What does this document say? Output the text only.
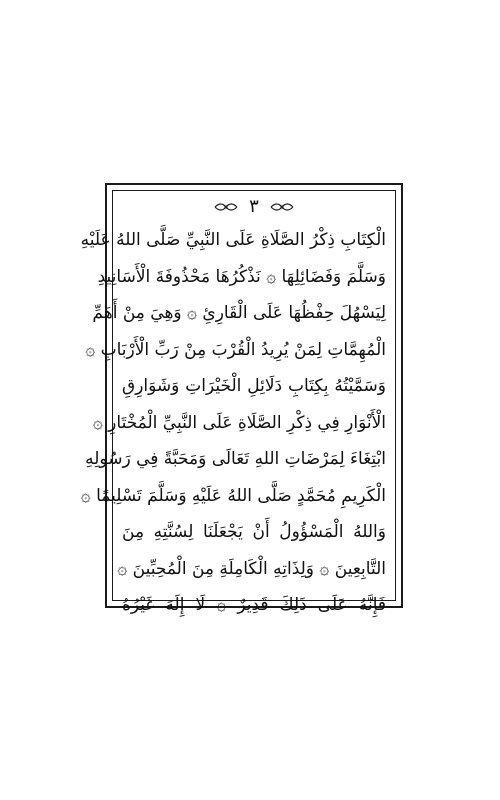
٣
الْكِتَابِ ذِكْرُ الصَّلَاةِ عَلَى النَّبِيِّ صَلَّى اللهُ عَلَيْهِ
وَسَلَّمَ وَفَضَائِلِهَا ۞ نَذْكُرُهَا مَحْذُوفَةَ الْأَسَانِيدِ
لِيَسْهُلَ حِفْظُهَا عَلَى الْقَارِئِ ۞ وَهِيَ مِنْ أَهَمِّ
الْمُهِمَّاتِ لِمَنْ يُرِيدُ الْقُرْبَ مِنْ رَبِّ الْأَرْبَابِ ۞
وَسَمَّيْتُهُ بِكِتَابِ دَلَائِلِ الْخَيْرَاتِ وَشَوَارِقِ
الْأَنْوَارِ فِي ذِكْرِ الصَّلَاةِ عَلَى النَّبِيِّ الْمُخْتَارِ ۞
ابْتِغَاءَ لِمَرْضَاتِ اللهِ تَعَالَى وَمَحَبَّةً فِي رَسُولِهِ
الْكَرِيمِ مُحَمَّدٍ صَلَّى اللهُ عَلَيْهِ وَسَلَّمَ تَسْلِيمًا ۞
وَاللهُ الْمَسْؤُولُ أَنْ يَجْعَلَنَا لِسُنَّتِهِ مِنَ
التَّابِعِينَ ۞ وَلِذَاتِهِ الْكَامِلَةِ مِنَ الْمُحِبِّينَ ۞
فَإِنَّهُ عَلَى ذَلِكَ قَدِيرٌ ۞ لَا إِلَهَ غَيْرُهُ
